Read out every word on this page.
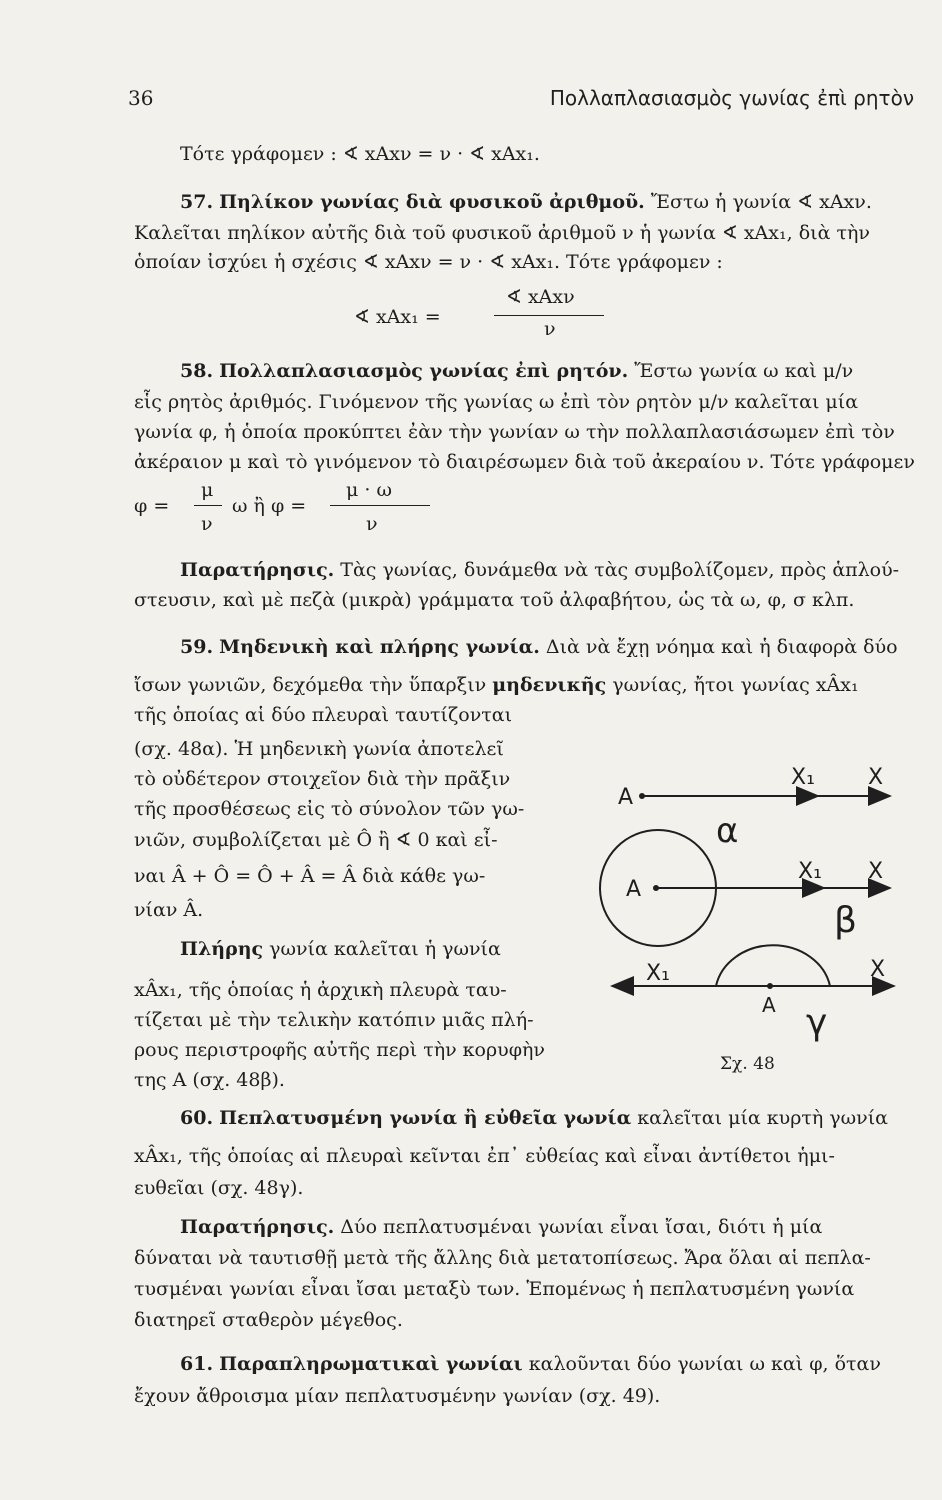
36	Πολλαπλασιασμὸς γωνίας ἐπὶ ρητὸν
Τότε γράφομεν : ∢ xAxν = ν · ∢ xAx₁.
57. Πηλίκον γωνίας διὰ φυσικοῦ ἀριθμοῦ. Ἔστω ἡ γωνία ∢ xAxν.
Καλεῖται πηλίκον αὐτῆς διὰ τοῦ φυσικοῦ ἀριθμοῦ ν ἡ γωνία ∢ xAx₁, διὰ τὴν
ὁποίαν ἰσχύει ἡ σχέσις ∢ xAxν = ν · ∢ xAx₁. Τότε γράφομεν :
∢ xAx₁ =
∢ xAxν
ν
58. Πολλαπλασιασμὸς γωνίας ἐπὶ ρητόν. Ἔστω γωνία ω καὶ μ/ν
εἷς ρητὸς ἀριθμός. Γινόμενον τῆς γωνίας ω ἐπὶ τὸν ρητὸν μ/ν καλεῖται μία
γωνία φ, ἡ ὁποία προκύπτει ἐὰν τὴν γωνίαν ω τὴν πολλαπλασιάσωμεν ἐπὶ τὸν
ἀκέραιον μ καὶ τὸ γινόμενον τὸ διαιρέσωμεν διὰ τοῦ ἀκεραίου ν. Τότε γράφομεν
φ =
μ
ν
ω ἢ φ =
μ · ω
ν
Παρατήρησις. Τὰς γωνίας, δυνάμεθα νὰ τὰς συμβολίζομεν, πρὸς ἁπλού-
στευσιν, καὶ μὲ πεζὰ (μικρὰ) γράμματα τοῦ ἀλφαβήτου, ὡς τὰ ω, φ, σ κλπ.
59. Μηδενικὴ καὶ πλήρης γωνία. Διὰ νὰ ἔχῃ νόημα καὶ ἡ διαφορὰ δύο
ἴσων γωνιῶν, δεχόμεθα τὴν ὕπαρξιν μηδενικῆς γωνίας, ἤτοι γωνίας xÂx₁
τῆς ὁποίας αἱ δύο πλευραὶ ταυτίζονται
(σχ. 48α). Ἡ μηδενικὴ γωνία ἀποτελεῖ
τὸ οὐδέτερον στοιχεῖον διὰ τὴν πρᾶξιν
τῆς προσθέσεως εἰς τὸ σύνολον τῶν γω-
νιῶν, συμβολίζεται μὲ Ô ἢ ∢ 0 καὶ εἶ-
ναι Â + Ô = Ô + Â = Â διὰ κάθε γω-
νίαν Â.
Πλήρης γωνία καλεῖται ἡ γωνία
xÂx₁, τῆς ὁποίας ἡ ἀρχικὴ πλευρὰ ταυ-
τίζεται μὲ τὴν τελικὴν κατόπιν μιᾶς πλή-
ρους περιστροφῆς αὐτῆς περὶ τὴν κορυφὴν
της Α (σχ. 48β).
X₁ X
A
α
X₁ X
A
β
X₁	X
A γ
Σχ. 48
60. Πεπλατυσμένη γωνία ἢ εὐθεῖα γωνία καλεῖται μία κυρτὴ γωνία
xÂx₁, τῆς ὁποίας αἱ πλευραὶ κεῖνται ἐπ᾽ εὐθείας καὶ εἶναι ἀντίθετοι ἡμι-
ευθεῖαι (σχ. 48γ).
Παρατήρησις. Δύο πεπλατυσμέναι γωνίαι εἶναι ἴσαι, διότι ἡ μία
δύναται νὰ ταυτισθῇ μετὰ τῆς ἄλλης διὰ μετατοπίσεως. Ἄρα ὅλαι αἱ πεπλα-
τυσμέναι γωνίαι εἶναι ἴσαι μεταξὺ των. Ἑπομένως ἡ πεπλατυσμένη γωνία
διατηρεῖ σταθερὸν μέγεθος.
61. Παραπληρωματικαὶ γωνίαι καλοῦνται δύο γωνίαι ω καὶ φ, ὅταν
ἔχουν ἄθροισμα μίαν πεπλατυσμένην γωνίαν (σχ. 49).
